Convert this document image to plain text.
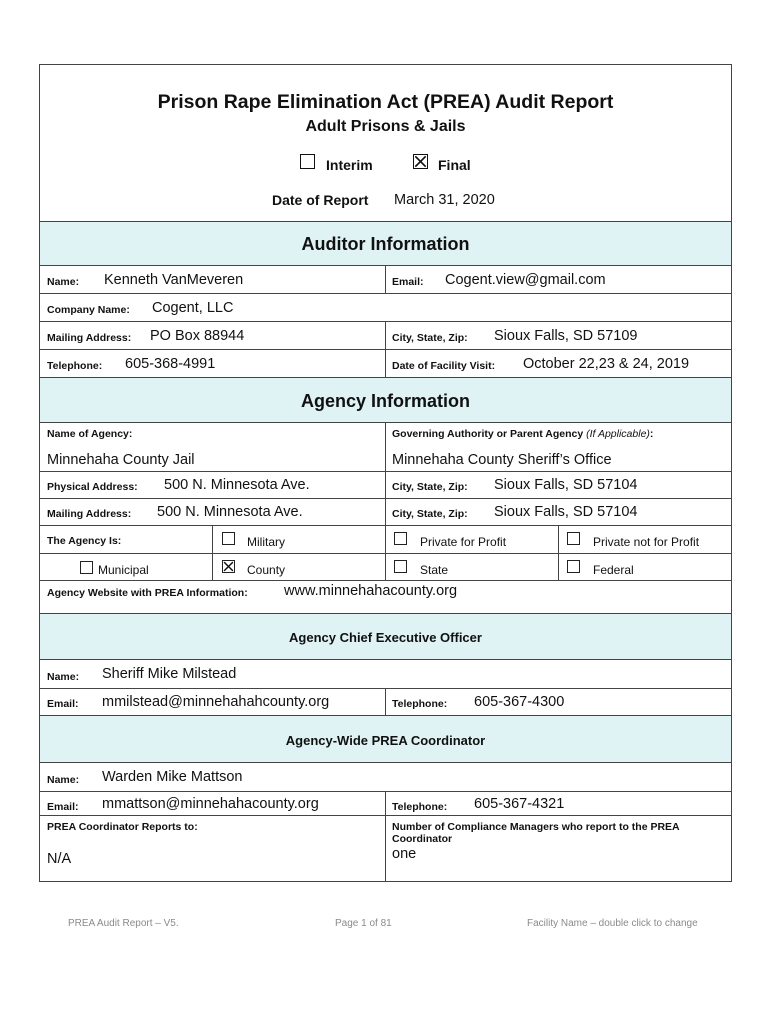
Prison Rape Elimination Act (PREA) Audit Report
Adult Prisons & Jails
Interim	Final
Date of Report March 31, 2020
Auditor Information
Name: Kenneth VanMeveren	Email: Cogent.view@gmail.com
Company Name: Cogent, LLC
Mailing Address: PO Box 88944	City, State, Zip: Sioux Falls, SD 57109
Telephone: 605-368-4991	Date of Facility Visit: October 22,23 & 24, 2019
Agency Information
Name of Agency:
Minnehaha County Jail
Governing Authority or Parent Agency (If Applicable):
Minnehaha County Sheriff’s Office
Physical Address: 500 N. Minnesota Ave.	City, State, Zip: Sioux Falls, SD 57104
Mailing Address: 500 N. Minnesota Ave.	City, State, Zip: Sioux Falls, SD 57104
The Agency Is:	Military	Private for Profit	Private not for Profit
Municipal	County	State	Federal
Agency Website with PREA Information:	www.minnehahacounty.org
Agency Chief Executive Officer
Name: Sheriff Mike Milstead
Email: mmilstead@minnehahahcounty.org	Telephone: 605-367-4300
Agency-Wide PREA Coordinator
Name: Warden Mike Mattson
Email: mmattson@minnehahacounty.org	Telephone: 605-367-4321
PREA Coordinator Reports to:
N/A
Number of Compliance Managers who report to the PREA Coordinator
one
PREA Audit Report – V5.	Page 1 of 81	Facility Name – double click to change
